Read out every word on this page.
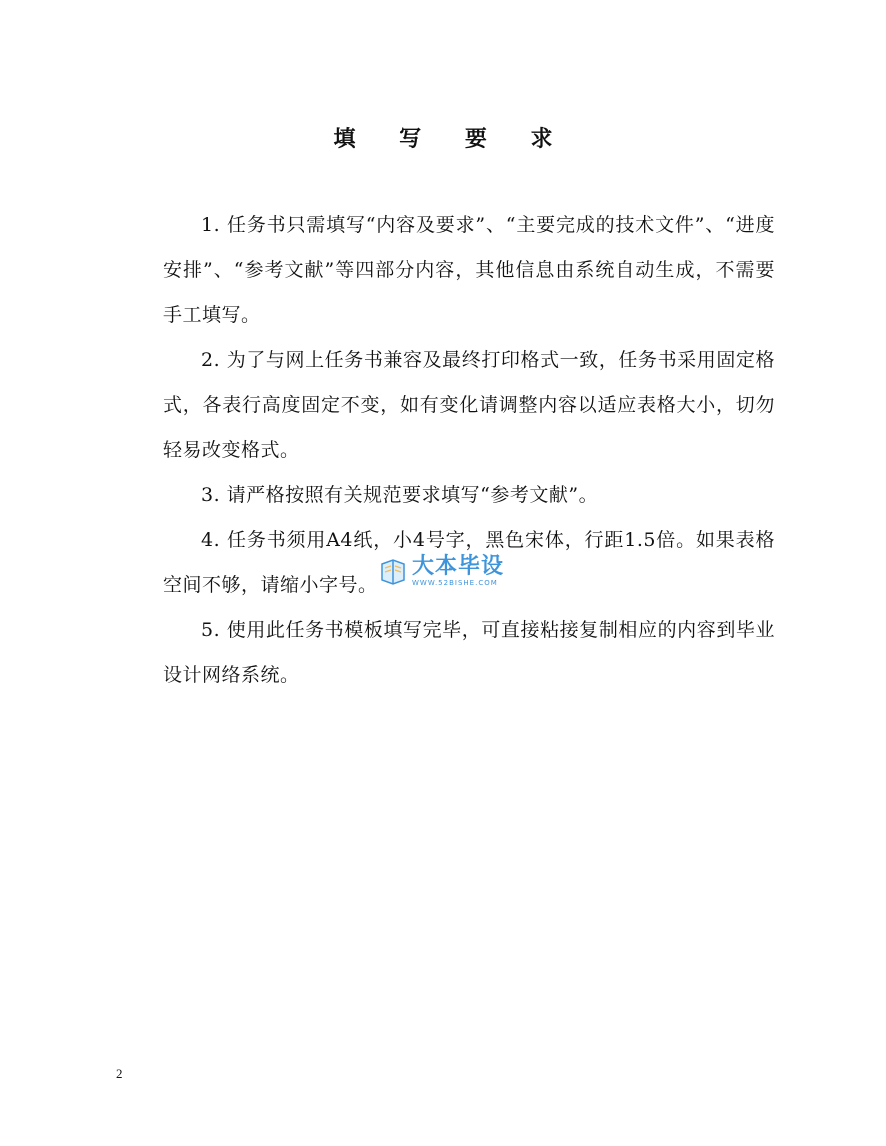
填 写 要 求

1. 任务书只需填写“内容及要求”、“主要完成的技术文件”、“进度安排”、“参考文献”等四部分内容，其他信息由系统自动生成，不需要手工填写。

2. 为了与网上任务书兼容及最终打印格式一致，任务书采用固定格式，各表行高度固定不变，如有变化请调整内容以适应表格大小，切勿轻易改变格式。

3. 请严格按照有关规范要求填写“参考文献”。

4. 任务书须用A4纸，小4号字，黑色宋体，行距1.5倍。如果表格空间不够，请缩小字号。

5. 使用此任务书模板填写完毕，可直接粘接复制相应的内容到毕业设计网络系统。

大本毕设
WWW.52BISHE.COM
2
